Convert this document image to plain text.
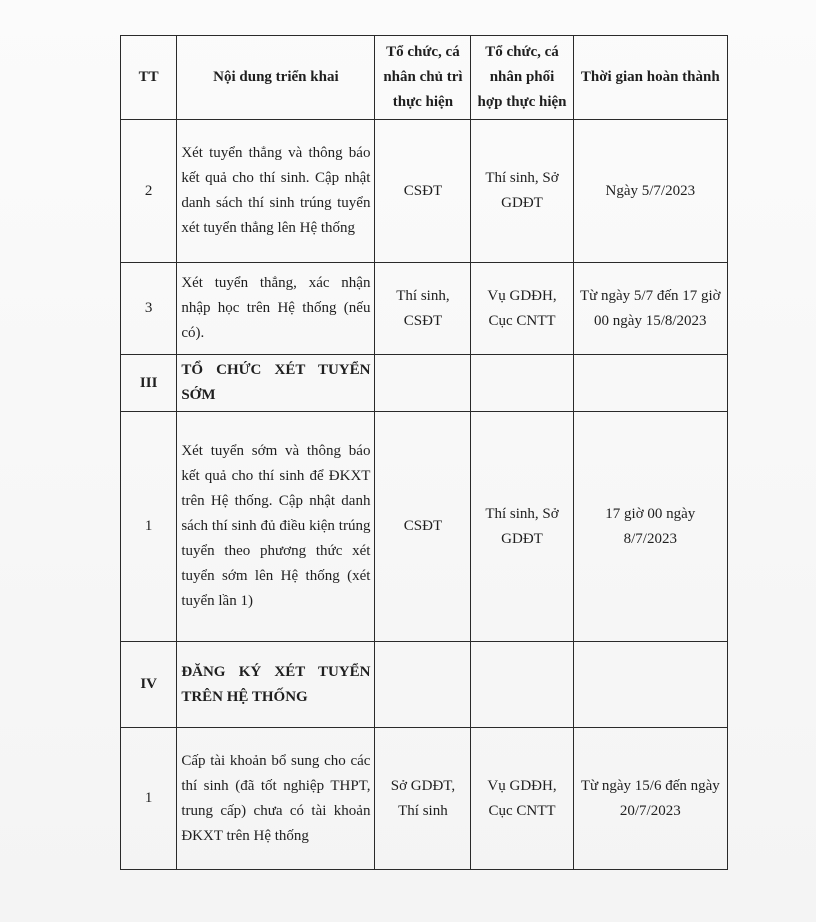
TT	Nội dung triển khai	Tổ chức, cá nhân chủ trì thực hiện	Tổ chức, cá nhân phối hợp thực hiện	Thời gian hoàn thành
2	Xét tuyển thẳng và thông báo kết quả cho thí sinh. Cập nhật danh sách thí sinh trúng tuyển xét tuyển thẳng lên Hệ thống	CSĐT	Thí sinh, Sở GDĐT	Ngày 5/7/2023
3	Xét tuyển thẳng, xác nhận nhập học trên Hệ thống (nếu có).	Thí sinh, CSĐT	Vụ GDĐH, Cục CNTT	Từ ngày 5/7 đến 17 giờ 00 ngày 15/8/2023
III	TỔ CHỨC XÉT TUYỂN SỚM			
1	Xét tuyển sớm và thông báo kết quả cho thí sinh để ĐKXT trên Hệ thống. Cập nhật danh sách thí sinh đủ điều kiện trúng tuyển theo phương thức xét tuyển sớm lên Hệ thống (xét tuyển lần 1)	CSĐT	Thí sinh, Sở GDĐT	17 giờ 00 ngày 8/7/2023
IV	ĐĂNG KÝ XÉT TUYỂN TRÊN HỆ THỐNG			
1	Cấp tài khoản bổ sung cho các thí sinh (đã tốt nghiệp THPT, trung cấp) chưa có tài khoản ĐKXT trên Hệ thống	Sở GDĐT, Thí sinh	Vụ GDĐH, Cục CNTT	Từ ngày 15/6 đến ngày 20/7/2023
